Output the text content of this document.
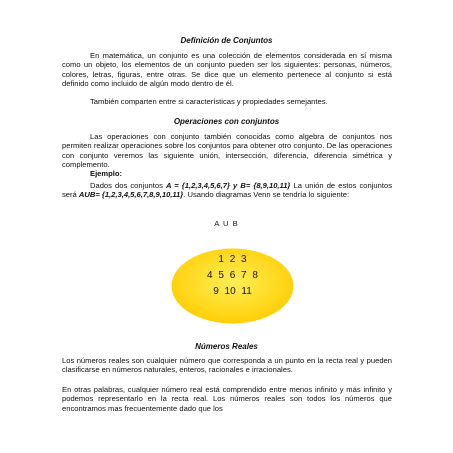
Definición de Conjuntos

En matemática, un conjunto es una colección de elementos considerada en sí misma como un objeto, los elementos de un conjunto pueden ser los siguientes: personas, números, colores, letras, figuras, entre otras. Se dice que un elemento pertenece al conjunto si está definido como incluido de algún modo dentro de él.

También comparten entre si características y propiedades semejantes.

Operaciones con conjuntos

Las operaciones con conjunto también conocidas como algebra de conjuntos nos permiten realizar operaciones sobre los conjuntos para obtener otro conjunto. De las operaciones con conjunto veremos las siguiente unión, intersección, diferencia, diferencia simétrica y complemento.

Ejemplo:

Dados dos conjuntos A = {1,2,3,4,5,6,7} y B= {8,9,10,11} La unión de estos conjuntos será AUB= {1,2,3,4,5,6,7,8,9,10,11}. Usando diagramas Venn se tendría lo siguiente:

A U B
1 2 3
4 5 6 7 8
9 10 11
Números Reales

Los números reales son cualquier número que corresponda a un punto en la recta real y pueden clasificarse en números naturales, enteros, racionales e irracionales.

En otras palabras, cualquier número real está comprendido entre menos infinito y más infinito y podemos representarlo en la recta real. Los números reales son todos los números que encontramos mas frecuentemente dado que los
